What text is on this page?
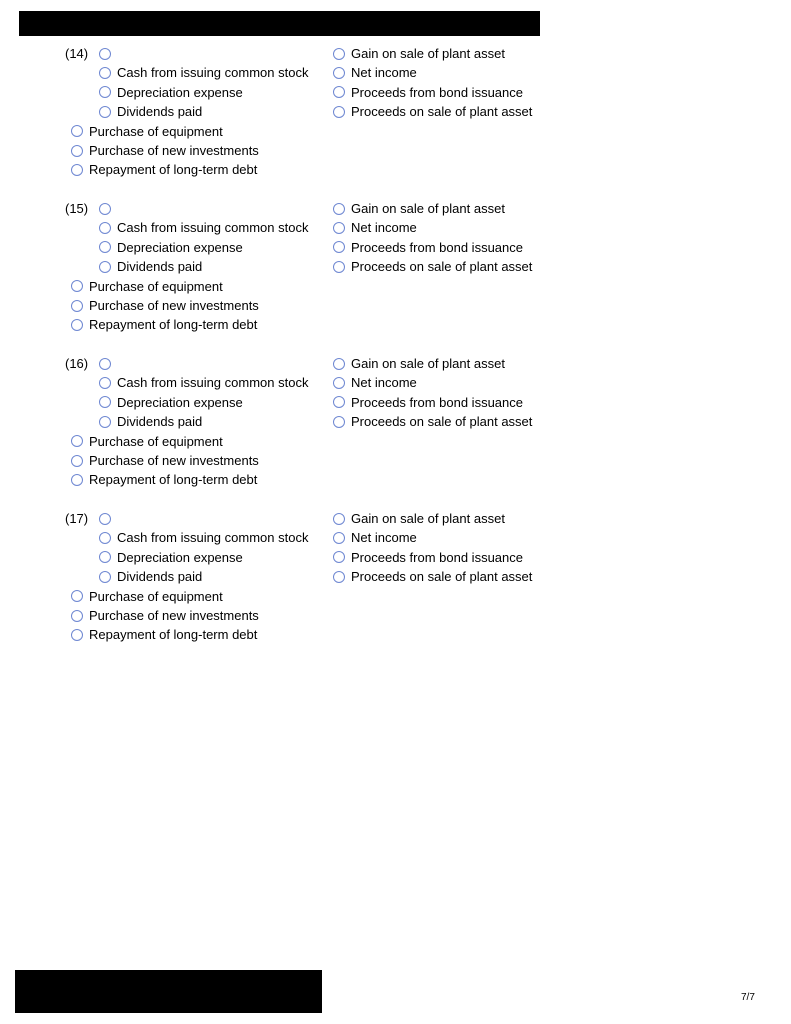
(14)
Cash from issuing common stock
Depreciation expense
Dividends paid
Purchase of equipment
Purchase of new investments
Repayment of long-term debt
Gain on sale of plant asset
Net income
Proceeds from bond issuance
Proceeds on sale of plant asset
(15)
Cash from issuing common stock
Depreciation expense
Dividends paid
Purchase of equipment
Purchase of new investments
Repayment of long-term debt
Gain on sale of plant asset
Net income
Proceeds from bond issuance
Proceeds on sale of plant asset
(16)
Cash from issuing common stock
Depreciation expense
Dividends paid
Purchase of equipment
Purchase of new investments
Repayment of long-term debt
Gain on sale of plant asset
Net income
Proceeds from bond issuance
Proceeds on sale of plant asset
(17)
Cash from issuing common stock
Depreciation expense
Dividends paid
Purchase of equipment
Purchase of new investments
Repayment of long-term debt
Gain on sale of plant asset
Net income
Proceeds from bond issuance
Proceeds on sale of plant asset
7/7
